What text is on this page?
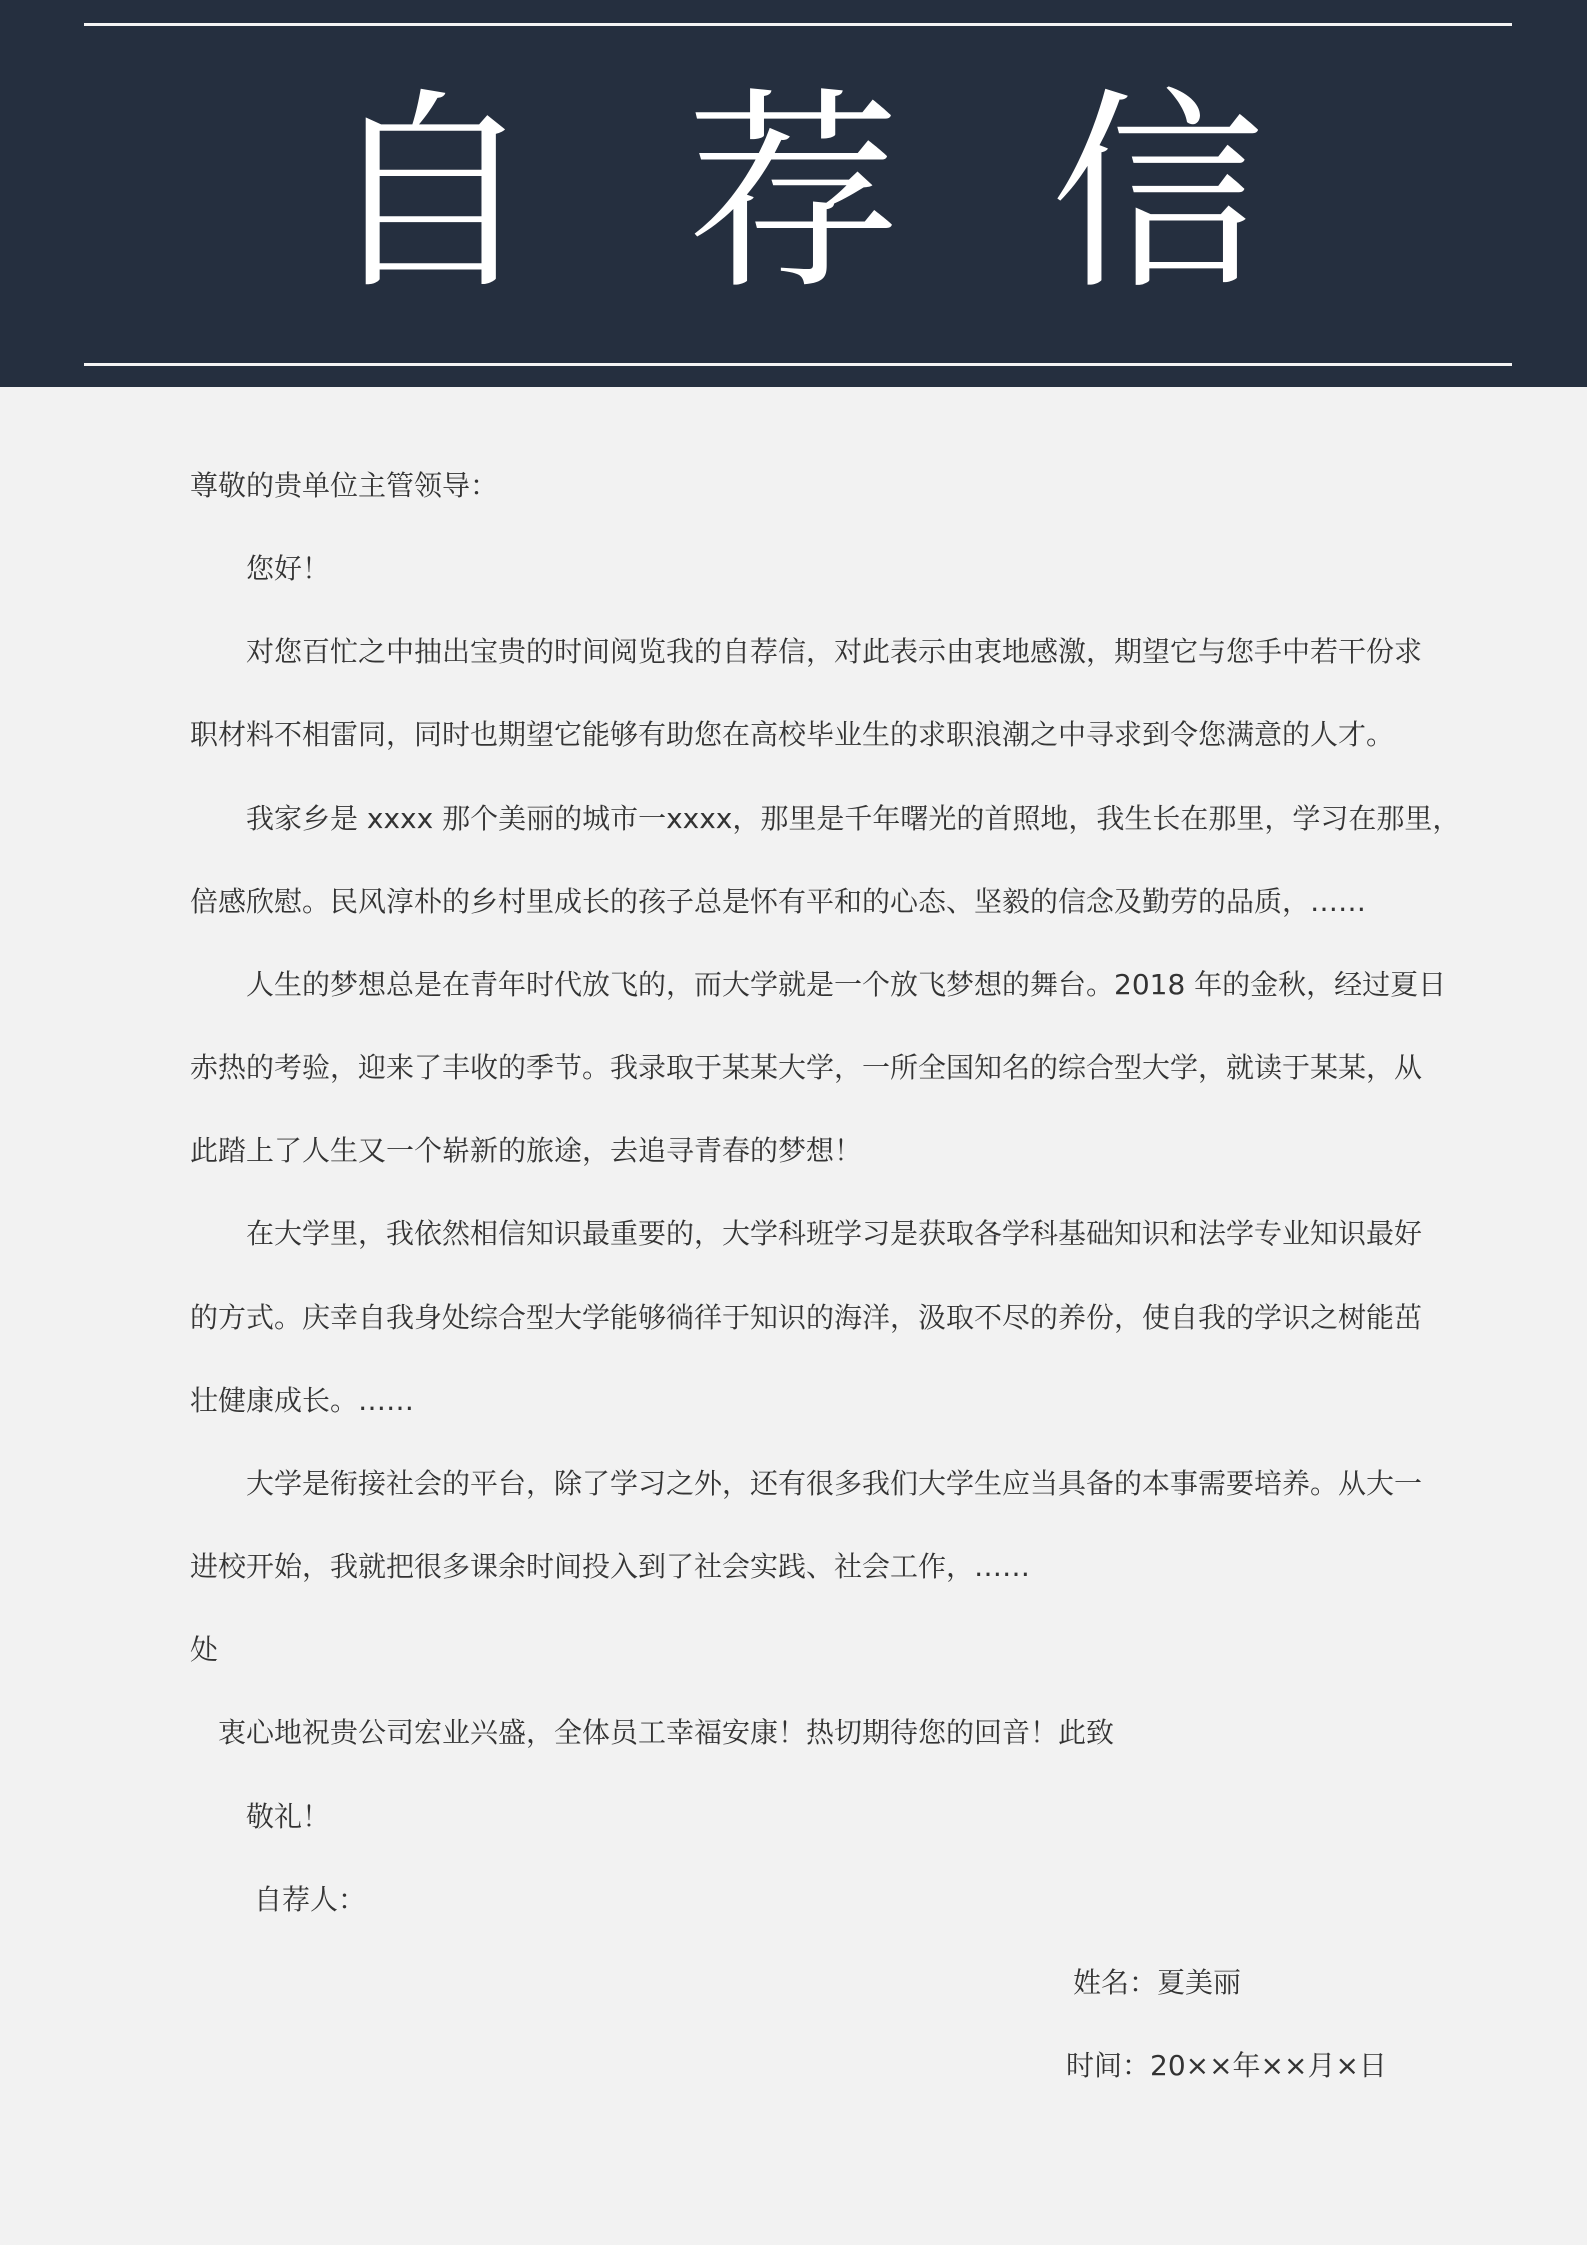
自 荐 信
尊敬的贵单位主管领导：
您好！
对您百忙之中抽出宝贵的时间阅览我的自荐信，对此表示由衷地感激，期望它与您手中若干份求
职材料不相雷同，同时也期望它能够有助您在高校毕业生的求职浪潮之中寻求到令您满意的人才。
我家乡是 xxxx 那个美丽的城市一xxxx，那里是千年曙光的首照地，我生长在那里，学习在那里，
倍感欣慰。民风淳朴的乡村里成长的孩子总是怀有平和的心态、坚毅的信念及勤劳的品质，……
人生的梦想总是在青年时代放飞的，而大学就是一个放飞梦想的舞台。2018 年的金秋，经过夏日
赤热的考验，迎来了丰收的季节。我录取于某某大学，一所全国知名的综合型大学，就读于某某，从
此踏上了人生又一个崭新的旅途，去追寻青春的梦想！
在大学里，我依然相信知识最重要的，大学科班学习是获取各学科基础知识和法学专业知识最好
的方式。庆幸自我身处综合型大学能够徜徉于知识的海洋，汲取不尽的养份，使自我的学识之树能茁
壮健康成长。……
大学是衔接社会的平台，除了学习之外，还有很多我们大学生应当具备的本事需要培养。从大一
进校开始，我就把很多课余时间投入到了社会实践、社会工作，……
处
衷心地祝贵公司宏业兴盛，全体员工幸福安康！热切期待您的回音！此致
敬礼！
自荐人：
姓名：夏美丽
时间：20××年××月×日
